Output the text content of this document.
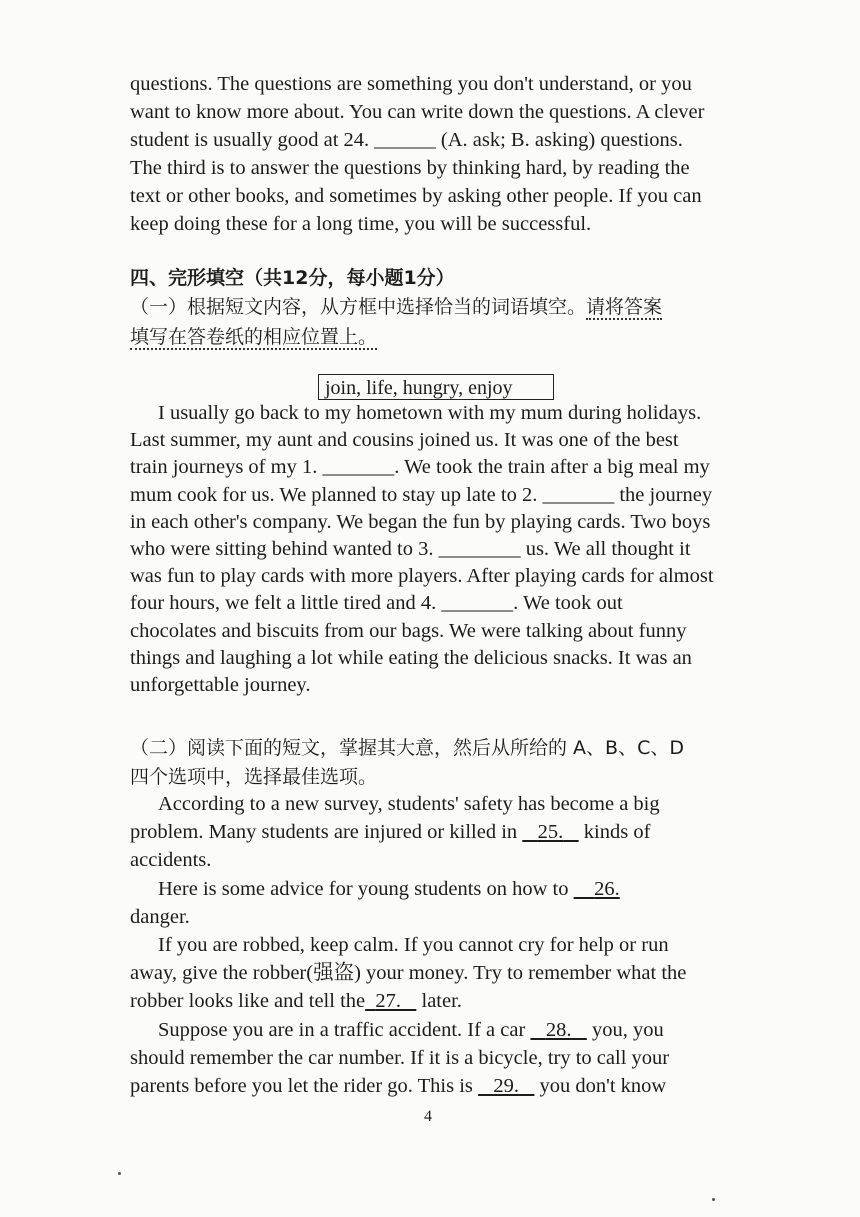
questions. The questions are something you don't understand, or you
want to know more about. You can write down the questions. A clever
student is usually good at 24. ______ (A. ask; B. asking) questions.
The third is to answer the questions by thinking hard, by reading the
text or other books, and sometimes by asking other people. If you can
keep doing these for a long time, you will be successful.
四、完形填空（共12分，每小题1分）
（一）根据短文内容，从方框中选择恰当的词语填空。请将答案
填写在答卷纸的相应位置上。
join, life, hungry, enjoy
I usually go back to my hometown with my mum during holidays.
Last summer, my aunt and cousins joined us. It was one of the best
train journeys of my 1. _______. We took the train after a big meal my
mum cook for us. We planned to stay up late to 2. _______ the journey
in each other's company. We began the fun by playing cards. Two boys
who were sitting behind wanted to 3. ________ us. We all thought it
was fun to play cards with more players. After playing cards for almost
four hours, we felt a little tired and 4. _______. We took out
chocolates and biscuits from our bags. We were talking about funny
things and laughing a lot while eating the delicious snacks. It was an
unforgettable journey.
（二）阅读下面的短文，掌握其大意，然后从所给的 A、B、C、D
四个选项中，选择最佳选项。
According to a new survey, students' safety has become a big
problem. Many students are injured or killed in 25. kinds of
accidents.
Here is some advice for young students on how to 26.
danger.
If you are robbed, keep calm. If you cannot cry for help or run
away, give the robber(强盗) your money. Try to remember what the
robber looks like and tell the 27. later.
Suppose you are in a traffic accident. If a car 28. you, you
should remember the car number. If it is a bicycle, try to call your
parents before you let the rider go. This is 29. you don't know
4
